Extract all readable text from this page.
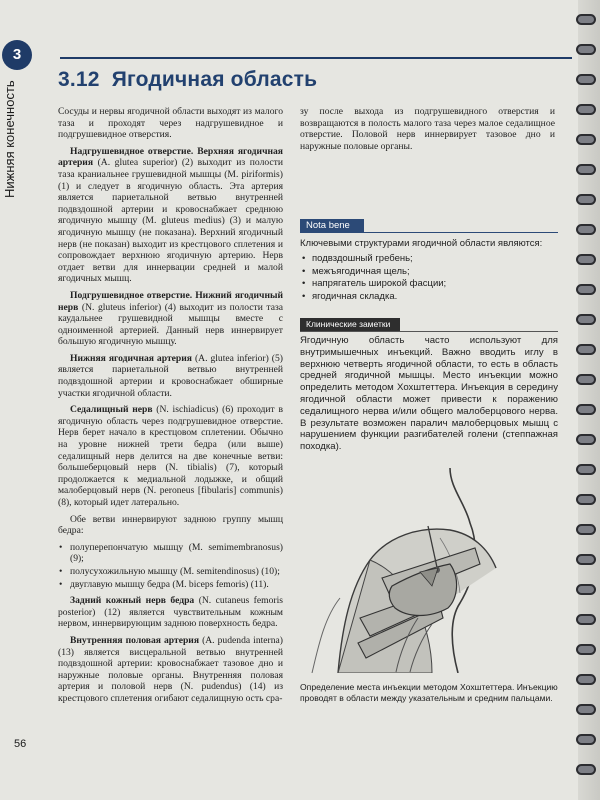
3
Нижняя конечность
3.12 Ягодичная область

Сосуды и нервы ягодичной области выходят из малого таза и проходят через надгрушевидное и подгрушевидное отверстия.

Надгрушевидное отверстие. Верхняя ягодичная артерия (A. glutea superior) (2) выходит из полости таза краниальнее грушевидной мышцы (M. piriformis) (1) и следует в ягодичную область. Эта артерия является париетальной ветвью внутренней подвздошной артерии и кровоснабжает среднюю ягодичную мышцу (M. gluteus medius) (3) и малую ягодичную мышцу (не показана). Верхний ягодичный нерв (не показан) выходит из крестцового сплетения и сопровождает верхнюю ягодичную артерию. Нерв отдает ветви для иннервации средней и малой ягодичных мышц.

Подгрушевидное отверстие. Нижний ягодичный нерв (N. gluteus inferior) (4) выходит из полости таза каудальнее грушевидной мышцы вместе с одноименной артерией. Данный нерв иннервирует большую ягодичную мышцу.

Нижняя ягодичная артерия (A. glutea inferior) (5) является париетальной ветвью внутренней подвздошной артерии и кровоснабжает обширные участки ягодичной области.

Седалищный нерв (N. ischiadicus) (6) проходит в ягодичную область через подгрушевидное отверстие. Нерв берет начало в крестцовом сплетении. Обычно на уровне нижней трети бедра (или выше) седалищный нерв делится на две конечные ветви: большеберцовый нерв (N. tibialis) (7), который продолжается к медиальной лодыжке, и общий малоберцовый нерв (N. peroneus [fibularis] communis) (8), который идет латерально.

Обе ветви иннервируют заднюю группу мышц бедра:

• полуперепончатую мышцу (M. semimembranosus) (9);
• полусухожильную мышцу (M. semitendinosus) (10);
• двуглавую мышцу бедра (M. biceps femoris) (11).

Задний кожный нерв бедра (N. cutaneus femoris posterior) (12) является чувствительным кожным нервом, иннервирующим заднюю поверхность бедра.

Внутренняя половая артерия (A. pudenda interna) (13) является висцеральной ветвью внутренней подвздошной артерии: кровоснабжает тазовое дно и наружные половые органы. Внутренняя половая артерия и половой нерв (N. pudendus) (14) из крестцового сплетения огибают седалищную ость сра-

зу после выхода из подгрушевидного отверстия и возвращаются в полость малого таза через малое седалищное отверстие. Половой нерв иннервирует тазовое дно и наружные половые органы.

Nota bene
Ключевыми структурами ягодичной области являются:
• подвздошный гребень;
• межъягодичная щель;
• напрягатель широкой фасции;
• ягодичная складка.
Клинические заметки
Ягодичную область часто используют для внутримышечных инъекций. Важно вводить иглу в верхнюю четверть ягодичной области, то есть в область средней ягодичной мышцы. Место инъекции можно определить методом Хохштеттера. Инъекция в середину ягодичной области может привести к поражению седалищного нерва и/или общего малоберцового нерва. В результате возможен паралич малоберцовых мышц с нарушением функции разгибателей голени (степпажная походка).
Определение места инъекции методом Хохштеттера. Инъекцию проводят в области между указательным и средним пальцами.
56
